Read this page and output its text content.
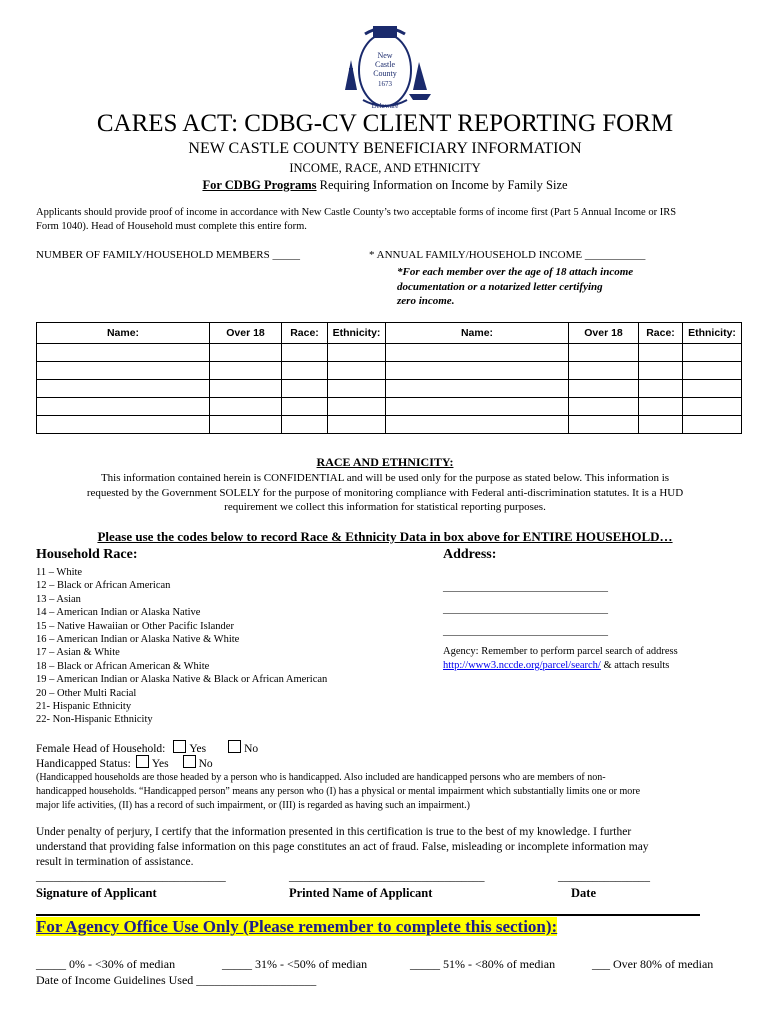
New
Castle
County
1673
Delaware
CARES ACT: CDBG-CV CLIENT REPORTING FORM
NEW CASTLE COUNTY BENEFICIARY INFORMATION
INCOME, RACE, AND ETHNICITY
For CDBG Programs Requiring Information on Income by Family Size
Applicants should provide proof of income in accordance with New Castle County’s two acceptable forms of income first (Part 5 Annual Income or IRS
Form 1040). Head of Household must complete this entire form.
NUMBER OF FAMILY/HOUSEHOLD MEMBERS _____	* ANNUAL FAMILY/HOUSEHOLD INCOME ___________
*For each member over the age of 18 attach income
documentation or a notarized letter certifying
zero income.
Name:	Over 18	Race:	Ethnicity:	Name:	Over 18	Race:	Ethnicity:

RACE AND ETHNICITY:
This information contained herein is CONFIDENTIAL and will be used only for the purpose as stated below. This information is
requested by the Government SOLELY for the purpose of monitoring compliance with Federal anti-discrimination statutes. It is a HUD
requirement we collect this information for statistical reporting purposes.
Please use the codes below to record Race & Ethnicity Data in box above for ENTIRE HOUSEHOLD…
Household Race:	Address:
11 – White
12 – Black or African American
13 – Asian
14 – American Indian or Alaska Native
15 – Native Hawaiian or Other Pacific Islander
16 – American Indian or Alaska Native & White
17 – Asian & White
18 – Black or African American & White
19 – American Indian or Alaska Native & Black or African American
20 – Other Multi Racial
21- Hispanic Ethnicity
22- Non-Hispanic Ethnicity
______________________________
______________________________
______________________________
Agency: Remember to perform parcel search of address
http://www3.nccde.org/parcel/search/ & attach results
Female Head of Household: Yes	No
Handicapped Status: Yes	No
(Handicapped households are those headed by a person who is handicapped. Also included are handicapped persons who are members of non-
handicapped households. “Handicapped person” means any person who (I) has a physical or mental impairment which substantially limits one or more
major life activities, (II) has a record of such impairment, or (III) is regarded as having such an impairment.)
Under penalty of perjury, I certify that the information presented in this certification is true to the best of my knowledge. I further
understand that providing false information on this page constitutes an act of fraud. False, misleading or incomplete information may
result in termination of assistance.
_________________________________	__________________________________	________________
Signature of Applicant	Printed Name of Applicant	Date
For Agency Office Use Only (Please remember to complete this section):
_____ 0% - <30% of median	_____ 31% - <50% of median	_____ 51% - <80% of median	___ Over 80% of median
Date of Income Guidelines Used ____________________
